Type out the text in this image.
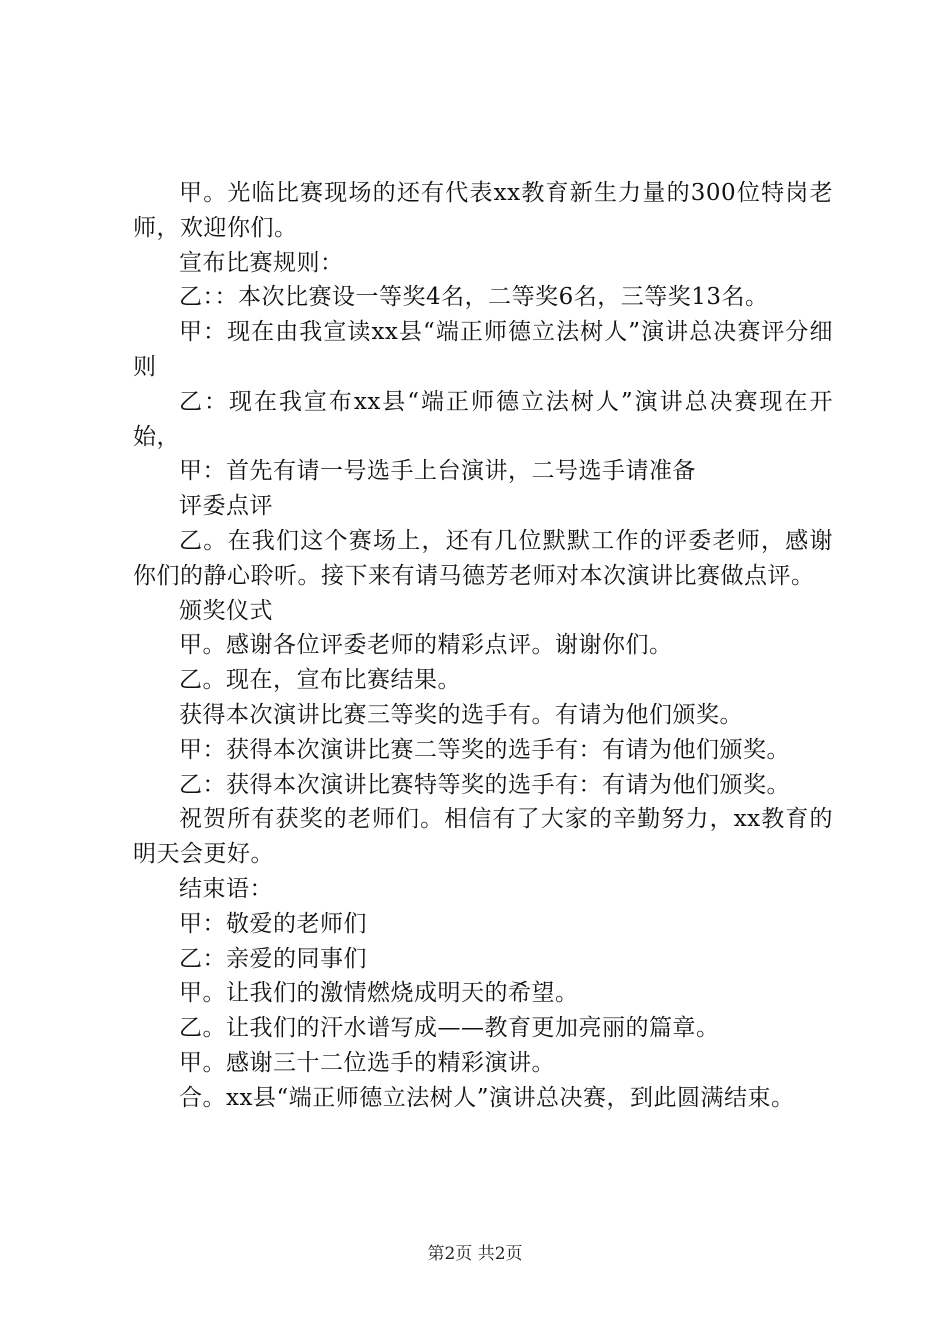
甲。光临比赛现场的还有代表xx教育新生力量的300位特岗老师，欢迎你们。

宣布比赛规则：

乙：：本次比赛设一等奖4名，二等奖6名，三等奖13名。

甲：现在由我宣读xx县“端正师德立法树人”演讲总决赛评分细则

乙：现在我宣布xx县“端正师德立法树人”演讲总决赛现在开始，

甲：首先有请一号选手上台演讲，二号选手请准备

评委点评

乙。在我们这个赛场上，还有几位默默工作的评委老师，感谢你们的静心聆听。接下来有请马德芳老师对本次演讲比赛做点评。

颁奖仪式

甲。感谢各位评委老师的精彩点评。谢谢你们。

乙。现在，宣布比赛结果。

获得本次演讲比赛三等奖的选手有。有请为他们颁奖。

甲：获得本次演讲比赛二等奖的选手有：有请为他们颁奖。

乙：获得本次演讲比赛特等奖的选手有：有请为他们颁奖。

祝贺所有获奖的老师们。相信有了大家的辛勤努力，xx教育的明天会更好。

结束语：

甲：敬爱的老师们

乙：亲爱的同事们

甲。让我们的激情燃烧成明天的希望。

乙。让我们的汗水谱写成——教育更加亮丽的篇章。

甲。感谢三十二位选手的精彩演讲。

合。xx县“端正师德立法树人”演讲总决赛，到此圆满结束。

第2页 共2页
